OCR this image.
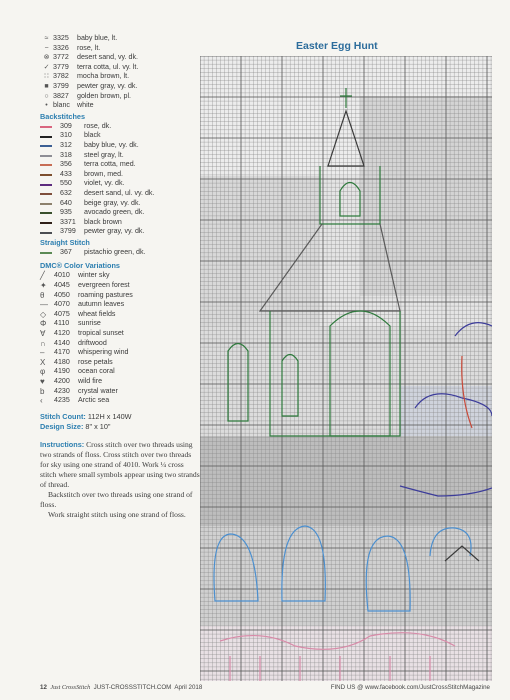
≈ 3325	baby blue, lt.
− 3326	rose, lt.
⊗ 3772	desert sand, vy. dk.
✓ 3779	terra cotta, ul. vy. lt.
∷ 3782	mocha brown, lt.
■ 3799	pewter gray, vy. dk.
○ 3827	golden brown, pl.
• blanc white
Backstitches
309	rose, dk.
310	black
312	baby blue, vy. dk.
318	steel gray, lt.
356	terra cotta, med.
433	brown, med.
550	violet, vy. dk.
632	desert sand, ul. vy. dk.
640	beige gray, vy. dk.
935	avocado green, dk.
3371	black brown
3799	pewter gray, vy. dk.
Straight Stitch
367	pistachio green, dk.
DMC® Color Variations
╱	4010	winter sky
✦	4045	evergreen forest
θ	4050	roaming pastures
— 4070	autumn leaves
◇	4075	wheat fields
Φ	4110	sunrise
∀	4120	tropical sunset
∩	4140	driftwood
–	4170	whispering wind
Χ	4180	rose petals
φ	4190	ocean coral
♥	4200	wild fire
b	4230	crystal water
‹	4235	Arctic sea
Stitch Count: 112H x 140W
Design Size: 8" x 10"

Instructions: Cross stitch over two threads using two strands of floss. Cross stitch over two threads for sky using one strand of 4010. Work ¼ cross stitch where small symbols appear using two strands of thread.

Backstitch over two threads using one strand of floss.

Work straight stitch using one strand of floss.

Easter Egg Hunt
12 Just CrossStitch JUST-CROSSSTITCH.COM April 2018	FIND US @ www.facebook.com/JustCrossStitchMagazine
